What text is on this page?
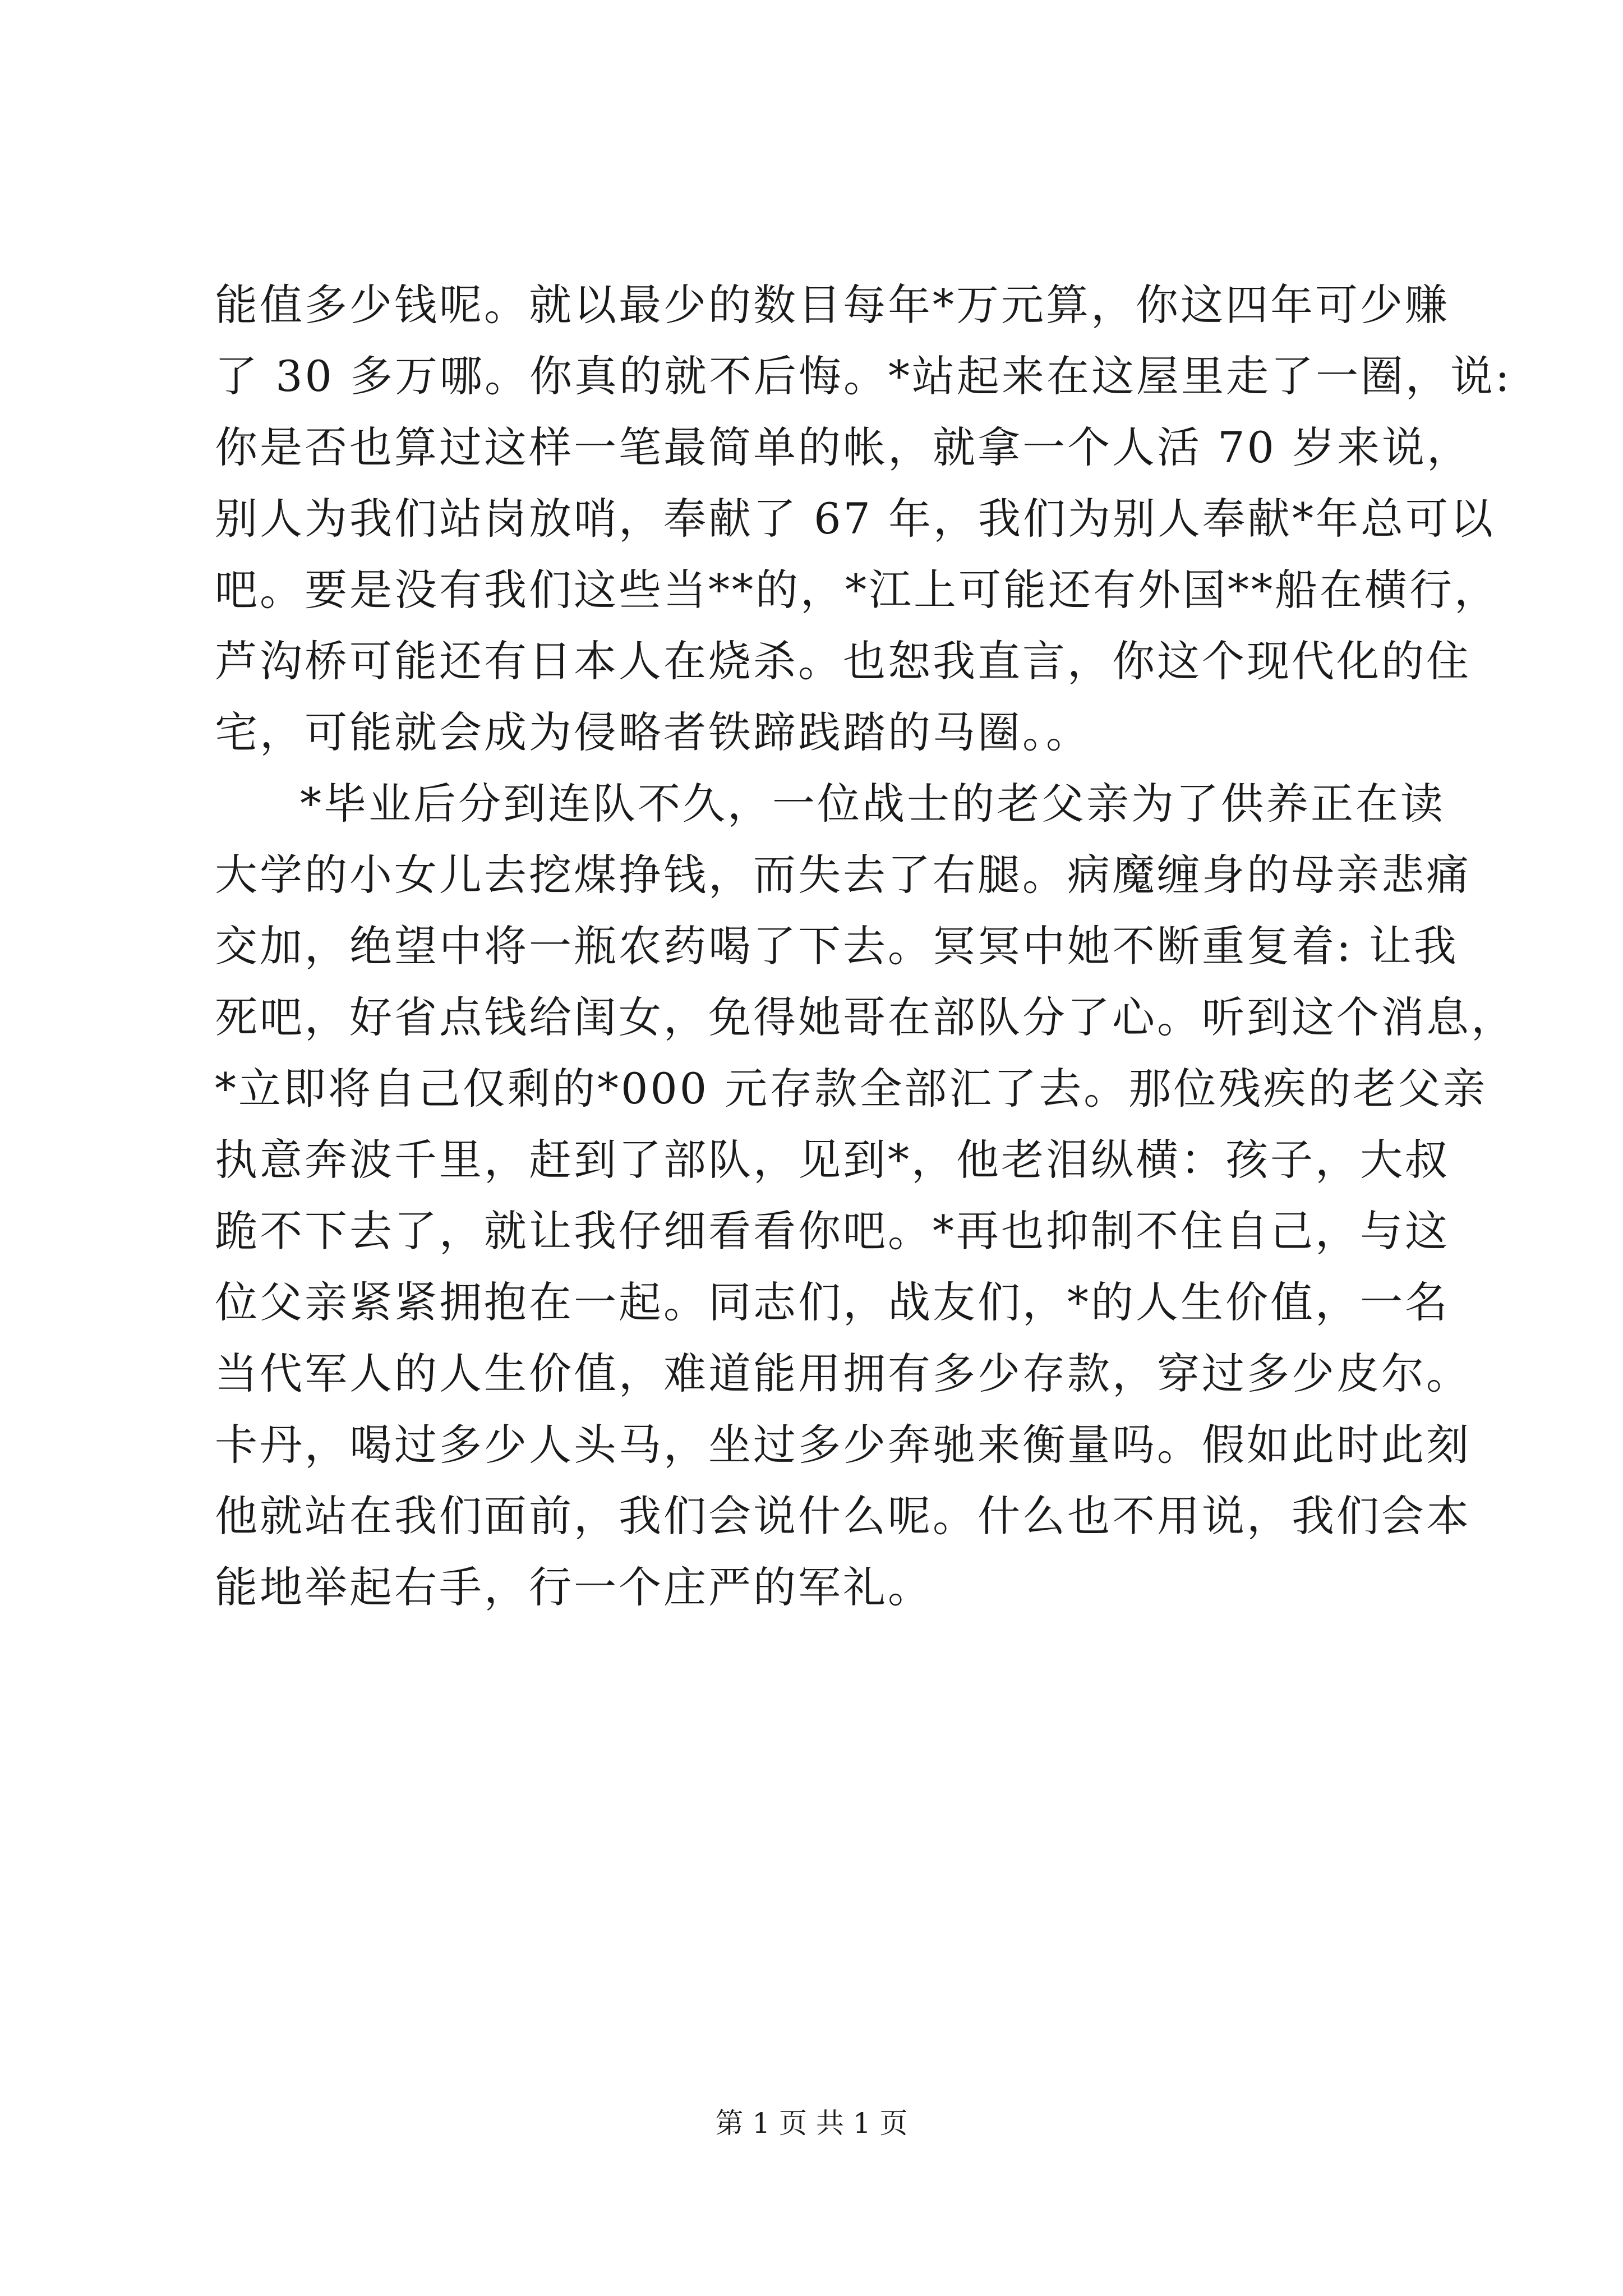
能值多少钱呢。就以最少的数目每年*万元算，你这四年可少赚
了 30 多万哪。你真的就不后悔。*站起来在这屋里走了一圈，说:
你是否也算过这样一笔最简单的帐，就拿一个人活 70 岁来说，
别人为我们站岗放哨，奉献了 67 年，我们为别人奉献*年总可以
吧。要是没有我们这些当**的，*江上可能还有外国**船在横行，
芦沟桥可能还有日本人在烧杀。也恕我直言，你这个现代化的住
宅，可能就会成为侵略者铁蹄践踏的马圈。。
*毕业后分到连队不久，一位战士的老父亲为了供养正在读
大学的小女儿去挖煤挣钱，而失去了右腿。病魔缠身的母亲悲痛
交加，绝望中将一瓶农药喝了下去。冥冥中她不断重复着: 让我
死吧，好省点钱给闺女，免得她哥在部队分了心。听到这个消息，
*立即将自己仅剩的*000 元存款全部汇了去。那位残疾的老父亲
执意奔波千里，赶到了部队，见到*，他老泪纵横：孩子，大叔
跪不下去了，就让我仔细看看你吧。*再也抑制不住自己，与这
位父亲紧紧拥抱在一起。同志们，战友们，*的人生价值，一名
当代军人的人生价值，难道能用拥有多少存款，穿过多少皮尔。
卡丹，喝过多少人头马，坐过多少奔驰来衡量吗。假如此时此刻
他就站在我们面前，我们会说什么呢。什么也不用说，我们会本
能地举起右手，行一个庄严的军礼。
第 1 页 共 1 页
